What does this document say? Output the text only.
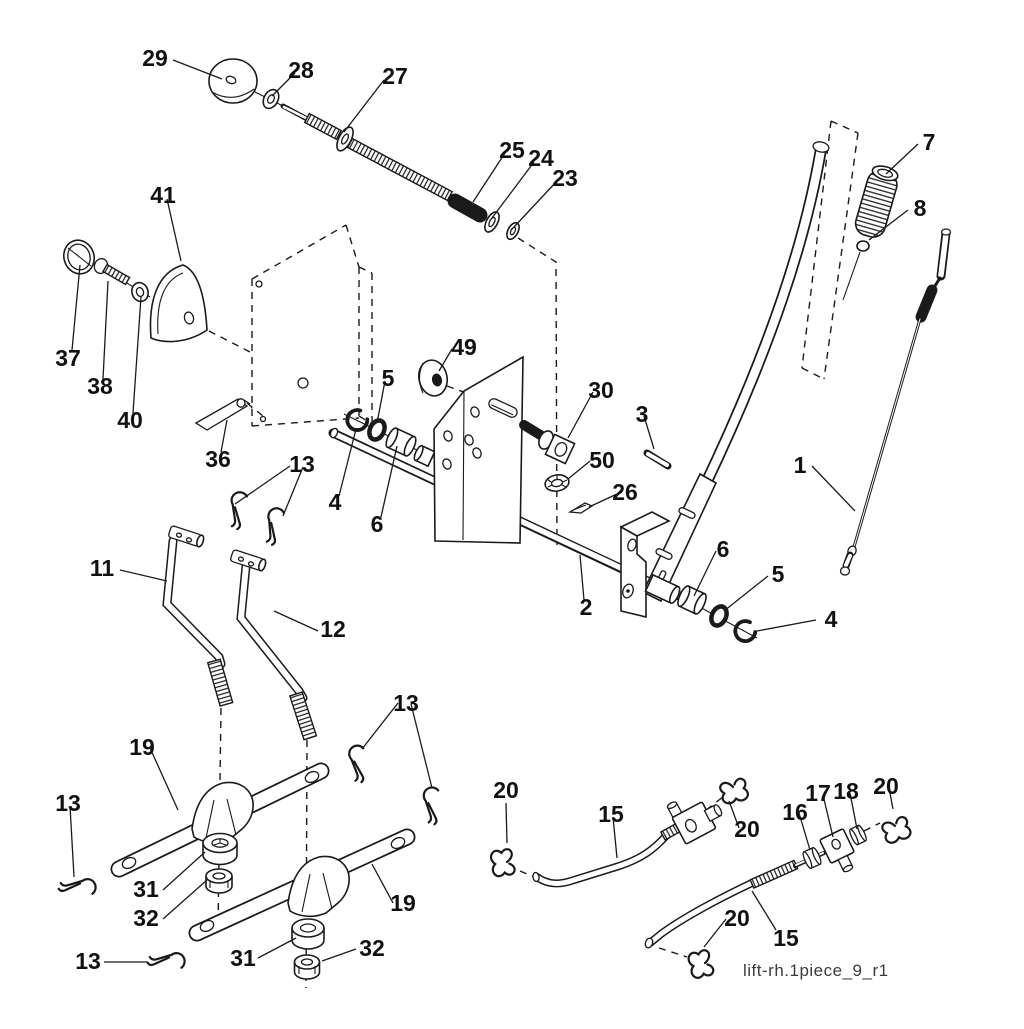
29	28	27
25 24
23
7
8
41
37
38
40
36
49
5	30
3
50
26
4
6
1
2
6
5
4
11
12
13
13
19
13
31
32
13	31	32
19
20
15
20
16
17 18 20
20
15
lift-rh.1piece_9_r1
